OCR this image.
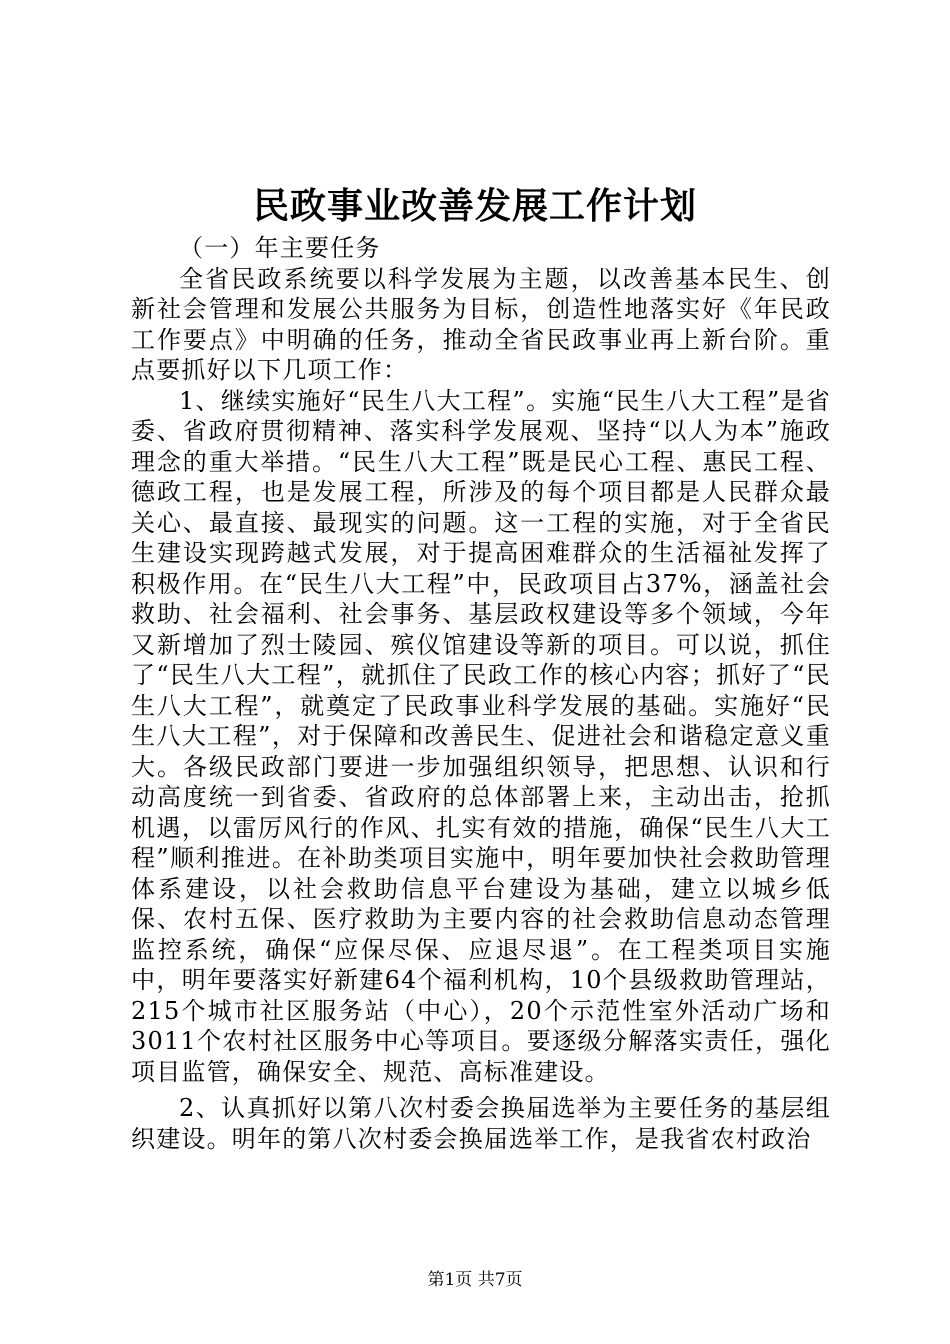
民政事业改善发展工作计划

（一）年主要任务

全省民政系统要以科学发展为主题，以改善基本民生、创新社会管理和发展公共服务为目标，创造性地落实好《年民政工作要点》中明确的任务，推动全省民政事业再上新台阶。重点要抓好以下几项工作：

1、继续实施好“民生八大工程”。实施“民生八大工程”是省委、省政府贯彻精神、落实科学发展观、坚持“以人为本”施政理念的重大举措。“民生八大工程”既是民心工程、惠民工程、德政工程，也是发展工程，所涉及的每个项目都是人民群众最关心、最直接、最现实的问题。这一工程的实施，对于全省民生建设实现跨越式发展，对于提高困难群众的生活福祉发挥了积极作用。在“民生八大工程”中，民政项目占37%，涵盖社会救助、社会福利、社会事务、基层政权建设等多个领域，今年又新增加了烈士陵园、殡仪馆建设等新的项目。可以说，抓住了“民生八大工程”，就抓住了民政工作的核心内容；抓好了“民生八大工程”，就奠定了民政事业科学发展的基础。实施好“民生八大工程”，对于保障和改善民生、促进社会和谐稳定意义重大。各级民政部门要进一步加强组织领导，把思想、认识和行动高度统一到省委、省政府的总体部署上来，主动出击，抢抓机遇，以雷厉风行的作风、扎实有效的措施，确保“民生八大工程”顺利推进。在补助类项目实施中，明年要加快社会救助管理体系建设，以社会救助信息平台建设为基础，建立以城乡低保、农村五保、医疗救助为主要内容的社会救助信息动态管理监控系统，确保“应保尽保、应退尽退”。在工程类项目实施中，明年要落实好新建64个福利机构，10个县级救助管理站，215个城市社区服务站（中心），20个示范性室外活动广场和3011个农村社区服务中心等项目。要逐级分解落实责任，强化项目监管，确保安全、规范、高标准建设。

2、认真抓好以第八次村委会换届选举为主要任务的基层组织建设。明年的第八次村委会换届选举工作，是我省农村政治

第1页 共7页
